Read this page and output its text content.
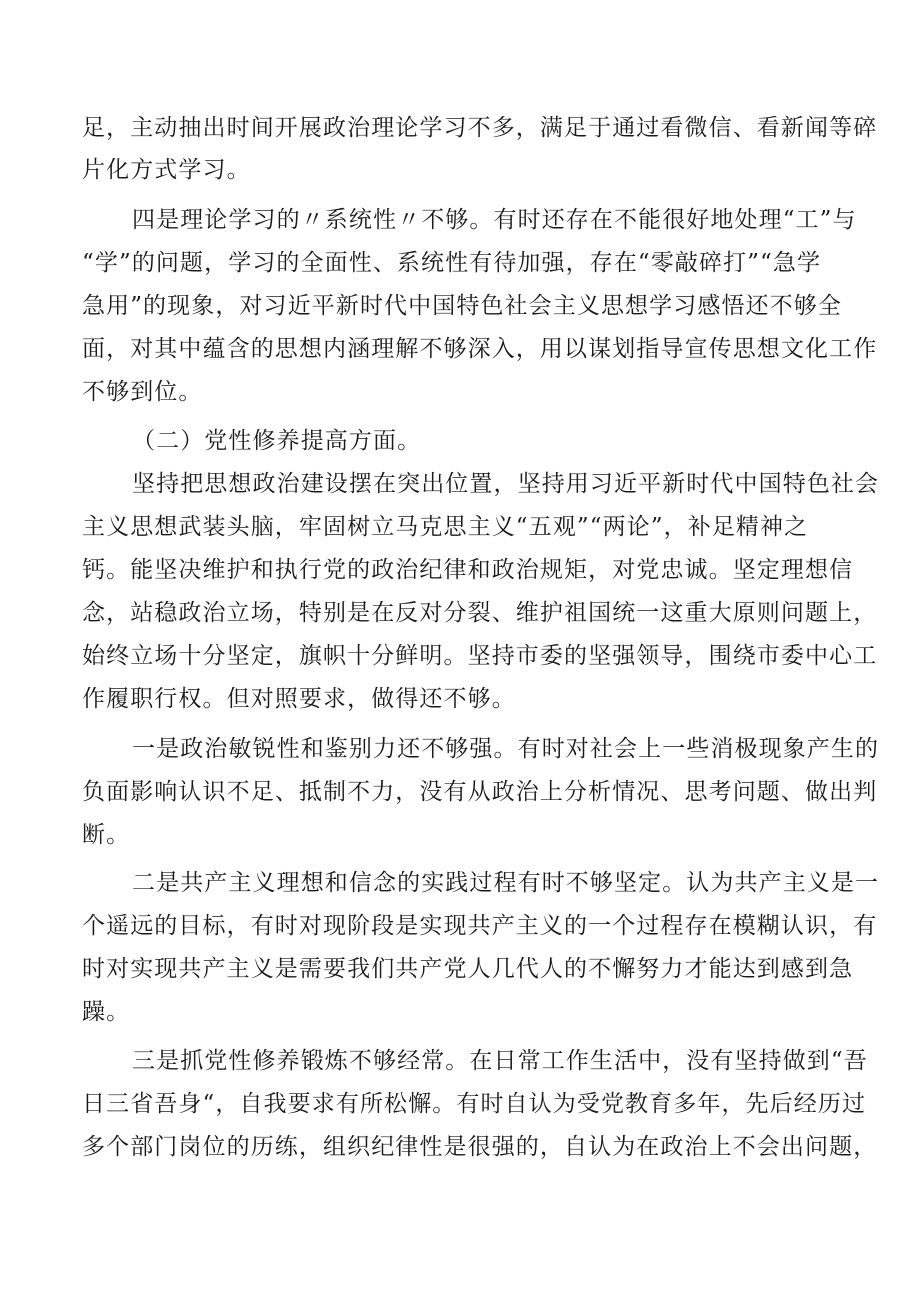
足，主动抽出时间开展政治理论学习不多，满足于通过看微信、看新闻等碎
片化方式学习。
四是理论学习的〃系统性〃不够。有时还存在不能很好地处理“工”与
“学”的问题，学习的全面性、系统性有待加强，存在“零敲碎打”“急学
急用”的现象，对习近平新时代中国特色社会主义思想学习感悟还不够全
面，对其中蕴含的思想内涵理解不够深入，用以谋划指导宣传思想文化工作
不够到位。
（二）党性修养提高方面。
坚持把思想政治建设摆在突出位置，坚持用习近平新时代中国特色社会
主义思想武装头脑，牢固树立马克思主义“五观”“两论”，补足精神之
钙。能坚决维护和执行党的政治纪律和政治规矩，对党忠诚。坚定理想信
念，站稳政治立场，特别是在反对分裂、维护祖国统一这重大原则问题上，
始终立场十分坚定，旗帜十分鲜明。坚持市委的坚强领导，围绕市委中心工
作履职行权。但对照要求，做得还不够。
一是政治敏锐性和鉴别力还不够强。有时对社会上一些消极现象产生的
负面影响认识不足、抵制不力，没有从政治上分析情况、思考问题、做出判
断。
二是共产主义理想和信念的实践过程有时不够坚定。认为共产主义是一
个遥远的目标，有时对现阶段是实现共产主义的一个过程存在模糊认识，有
时对实现共产主义是需要我们共产党人几代人的不懈努力才能达到感到急
躁。
三是抓党性修养锻炼不够经常。在日常工作生活中，没有坚持做到“吾
日三省吾身“，自我要求有所松懈。有时自认为受党教育多年，先后经历过
多个部门岗位的历练，组织纪律性是很强的，自认为在政治上不会出问题，
